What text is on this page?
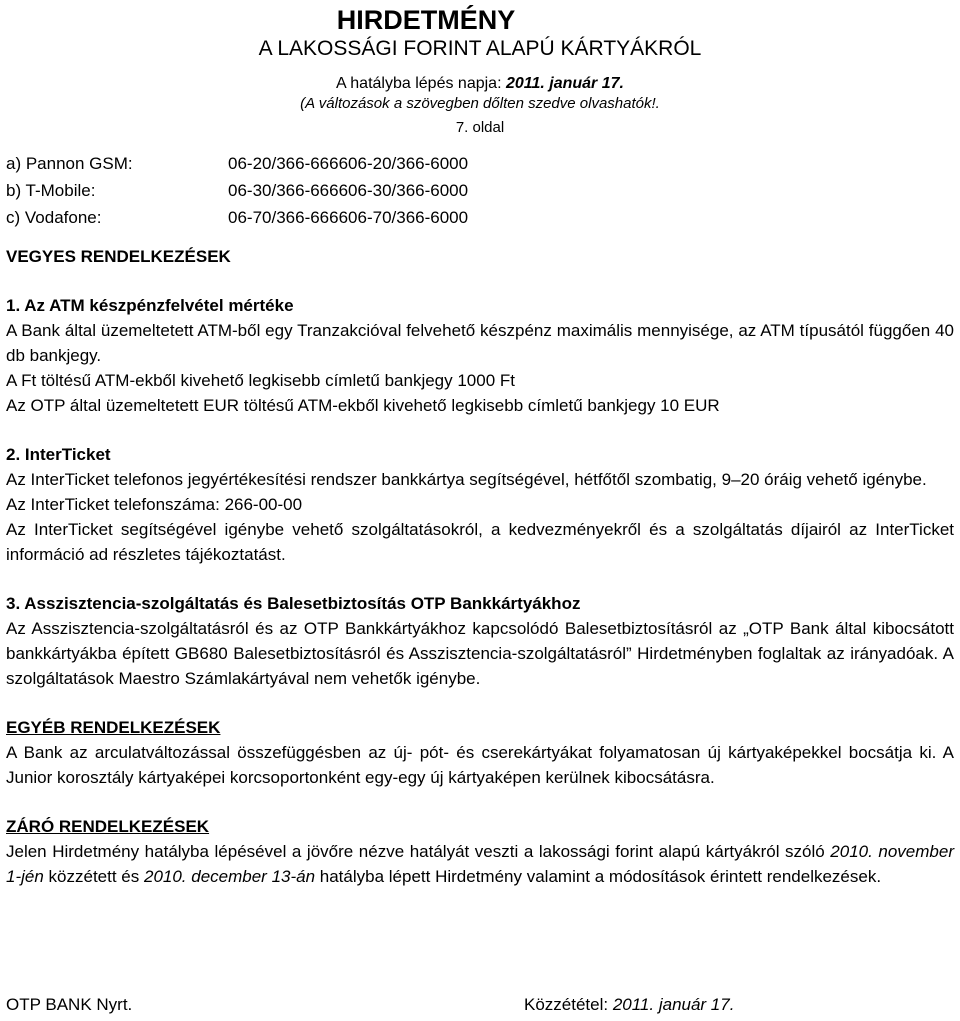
HIRDETMÉNY
A LAKOSSÁGI FORINT ALAPÚ KÁRTYÁKRÓL
A hatályba lépés napja: 2011. január 17.
(A változások a szövegben dőlten szedve olvashatók!.
7. oldal
a) Pannon GSM:	06-20/366-666606-20/366-6000
b) T-Mobile:	06-30/366-666606-30/366-6000
c) Vodafone:	06-70/366-666606-70/366-6000

VEGYES RENDELKEZÉSEK

1. Az ATM készpénzfelvétel mértéke

A Bank által üzemeltetett ATM-ből egy Tranzakcióval felvehető készpénz maximális mennyisége, az ATM típusától függően 40 db bankjegy.

A Ft töltésű ATM-ekből kivehető legkisebb címletű bankjegy 1000 Ft

Az OTP által üzemeltetett EUR töltésű ATM-ekből kivehető legkisebb címletű bankjegy 10 EUR

2. InterTicket

Az InterTicket telefonos jegyértékesítési rendszer bankkártya segítségével, hétfőtől szombatig, 9–20 óráig vehető igénybe.

Az InterTicket telefonszáma: 266-00-00

Az InterTicket segítségével igénybe vehető szolgáltatásokról, a kedvezményekről és a szolgáltatás díjairól az InterTicket információ ad részletes tájékoztatást.

3. Asszisztencia-szolgáltatás és Balesetbiztosítás OTP Bankkártyákhoz

Az Asszisztencia-szolgáltatásról és az OTP Bankkártyákhoz kapcsolódó Balesetbiztosításról az „OTP Bank által kibocsátott bankkártyákba épített GB680 Balesetbiztosításról és Asszisztencia-szolgáltatásról” Hirdetményben foglaltak az irányadóak. A szolgáltatások Maestro Számlakártyával nem vehetők igénybe.

EGYÉB RENDELKEZÉSEK

A Bank az arculatváltozással összefüggésben az új- pót- és cserekártyákat folyamatosan új kártyaképekkel bocsátja ki. A Junior korosztály kártyaképei korcsoportonként egy-egy új kártyaképen kerülnek kibocsátásra.

ZÁRÓ RENDELKEZÉSEK

Jelen Hirdetmény hatályba lépésével a jövőre nézve hatályát veszti a lakossági forint alapú kártyákról szóló 2010. november 1-jén közzétett és 2010. december 13-án hatályba lépett Hirdetmény valamint a módosítások érintett rendelkezések.

OTP BANK Nyrt.	Közzététel: 2011. január 17.
